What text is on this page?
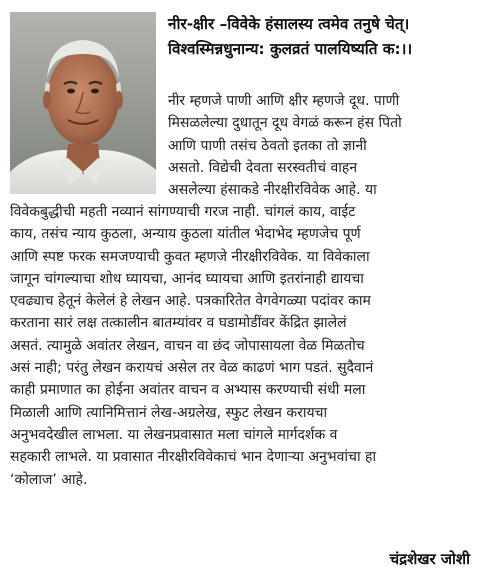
नीर-क्षीर –विवेके हंसालस्य त्वमेव तनुषे चेत्।
विश्वस्मिन्नधुनान्य: कुलव्रतं पालयिष्यति क:।।
नीर म्हणजे पाणी आणि क्षीर म्हणजे दूध. पाणी
मिसळलेल्या दुधातून दूध वेगळं करून हंस पितो
आणि पाणी तसंच ठेवतो इतका तो ज्ञानी
असतो. विद्येची देवता सरस्वतीचं वाहन
असलेल्या हंसाकडे नीरक्षीरविवेक आहे. या
विवेकबुद्धीची महती नव्यानं सांगण्याची गरज नाही. चांगलं काय, वाईट
काय, तसंच न्याय कुठला, अन्याय कुठला यांतील भेदाभेद म्हणजेच पूर्ण
आणि स्पष्ट फरक समजण्याची कुवत म्हणजे नीरक्षीरविवेक. या विवेकाला
जागून चांगल्याचा शोध घ्यायचा, आनंद घ्यायचा आणि इतरांनाही द्यायचा
एवढ्याच हेतूनं केलेलं हे लेखन आहे. पत्रकारितेत वेगवेगळ्या पदांवर काम
करताना सारं लक्ष तत्कालीन बातम्यांवर व घडामोडींवर केंद्रित झालेलं
असतं. त्यामुळे अवांतर लेखन, वाचन वा छंद जोपासायला वेळ मिळतोच
असं नाही; परंतु लेखन करायचं असेल तर वेळ काढणं भाग पडतं. सुदैवानं
काही प्रमाणात का होईना अवांतर वाचन व अभ्यास करण्याची संधी मला
मिळाली आणि त्यानिमित्तानं लेख-अग्रलेख, स्फुट लेखन करायचा
अनुभवदेखील लाभला. या लेखनप्रवासात मला चांगले मार्गदर्शक व
सहकारी लाभले. या प्रवासात नीरक्षीरविवेकाचं भान देणाऱ्या अनुभवांचा हा
‘कोलाज’ आहे.
चंद्रशेखर जोशी
